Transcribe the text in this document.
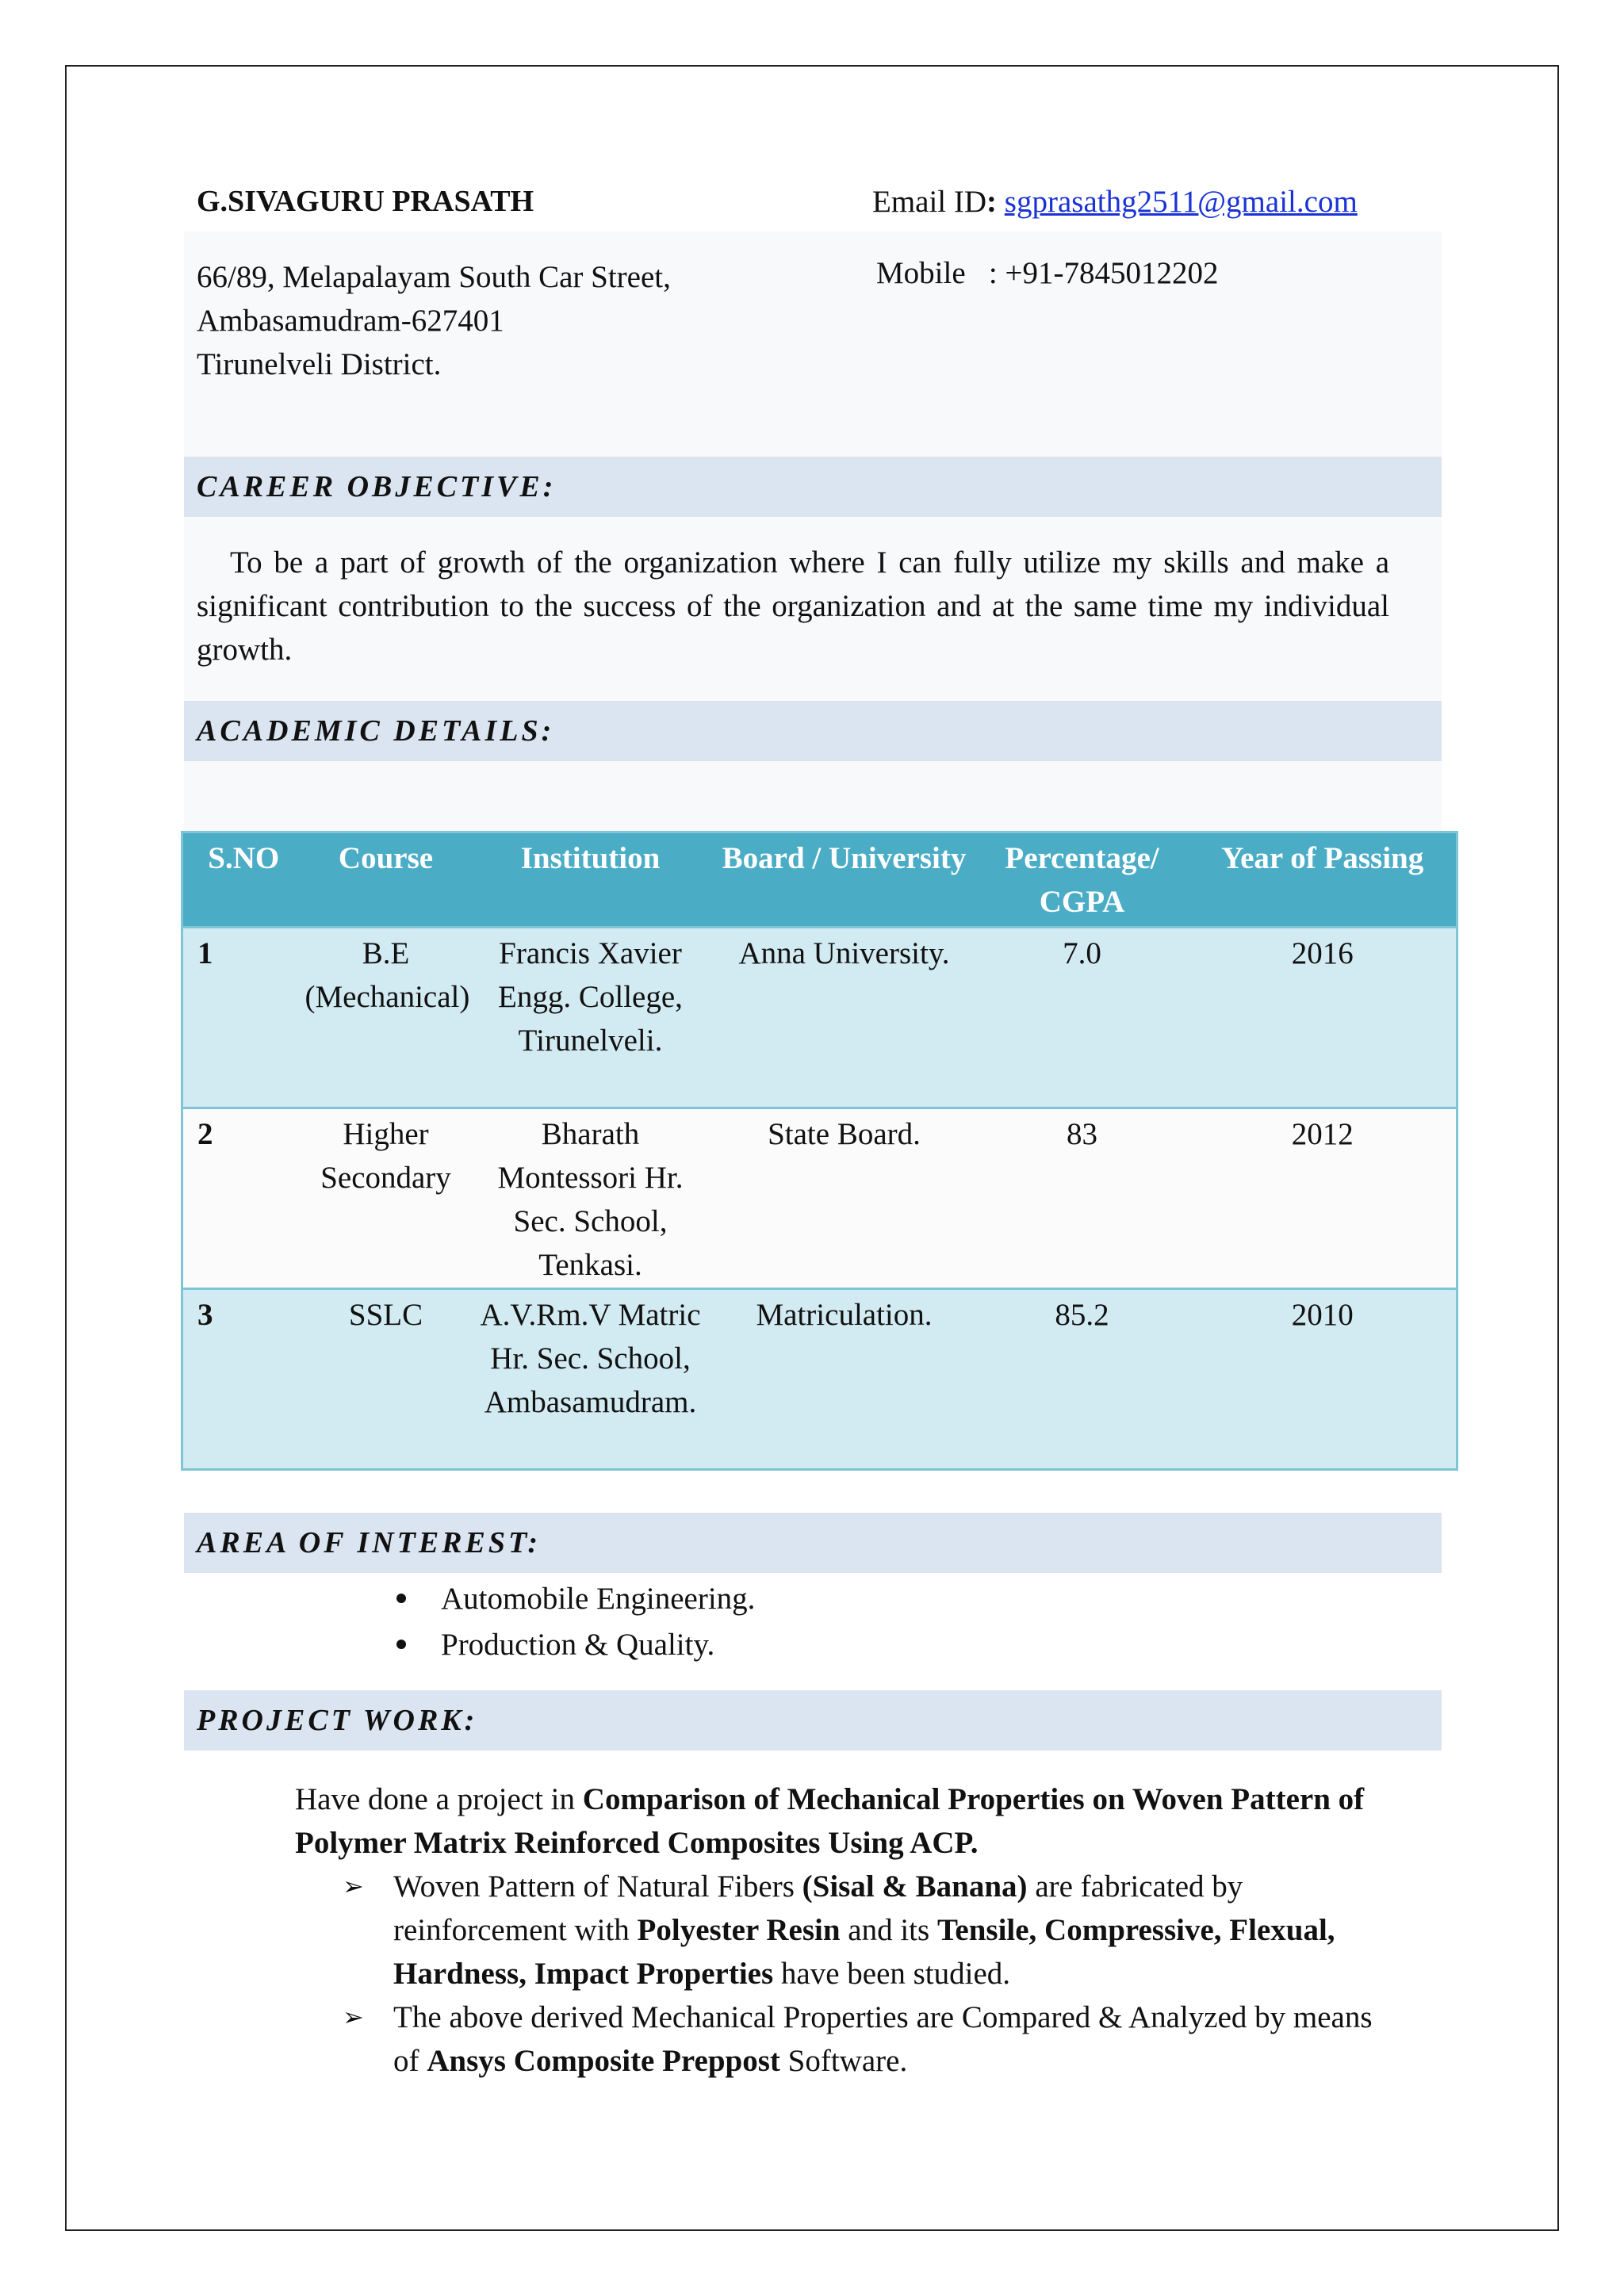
G.SIVAGURU PRASATH	Email ID: sgprasathg2511@gmail.com
66/89, Melapalayam South Car Street,
Ambasamudram-627401
Tirunelveli District.
Mobile : +91-7845012202
CAREER OBJECTIVE:
To be a part of growth of the organization where I can fully utilize my skills and make a significant contribution to the success of the organization and at the same time my individual growth.
ACADEMIC DETAILS:
S.NO	Course	Institution	Board / University	Percentage/ CGPA	Year of Passing
1	B.E (Mechanical)	Francis Xavier Engg. College, Tirunelveli.	Anna University.	7.0	2016
2	Higher Secondary	Bharath Montessori Hr. Sec. School, Tenkasi.	State Board.	83	2012
3	SSLC	A.V.Rm.V Matric Hr. Sec. School, Ambasamudram.	Matriculation.	85.2	2010
AREA OF INTEREST:
Automobile Engineering.
Production & Quality.
PROJECT WORK:
Have done a project in Comparison of Mechanical Properties on Woven Pattern of Polymer Matrix Reinforced Composites Using ACP.
➢ Woven Pattern of Natural Fibers (Sisal & Banana) are fabricated by reinforcement with Polyester Resin and its Tensile, Compressive, Flexual, Hardness, Impact Properties have been studied.
➢ The above derived Mechanical Properties are Compared & Analyzed by means of Ansys Composite Preppost Software.
